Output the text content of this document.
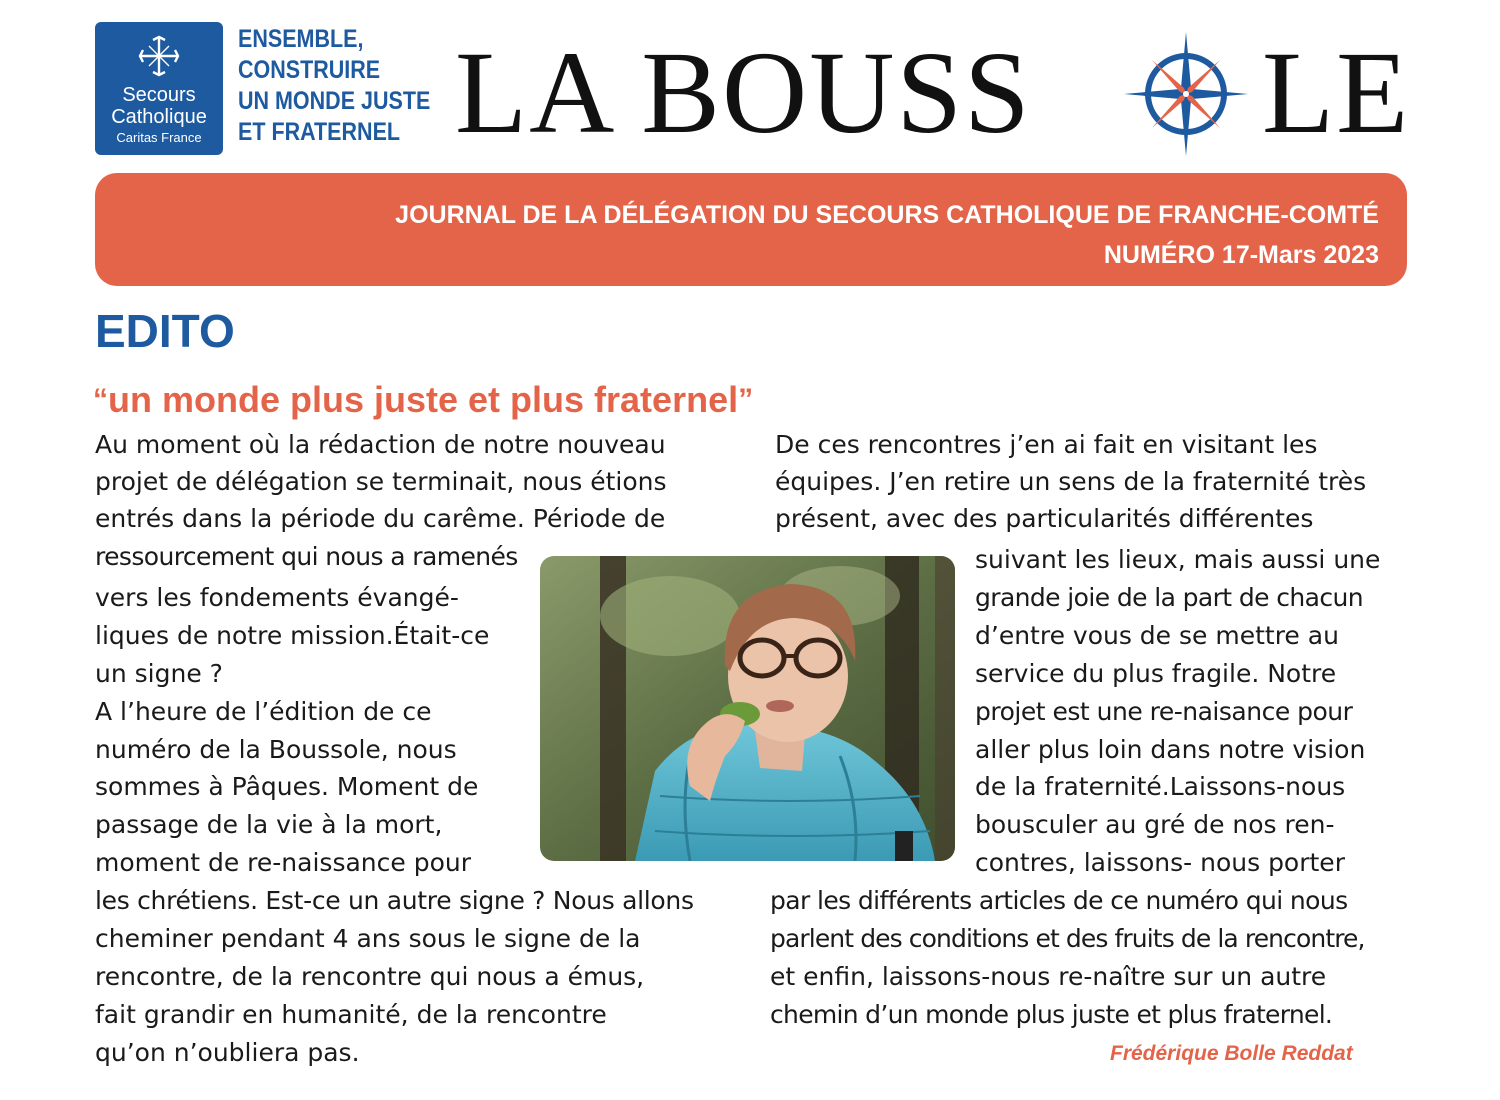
Secours
Catholique
Caritas France
ENSEMBLE,
CONSTRUIRE
UN MONDE JUSTE
ET FRATERNEL LA BOUSS LE
JOURNAL DE LA DÉLÉGATION DU SECOURS CATHOLIQUE DE FRANCHE-COMTÉ
NUMÉRO 17-Mars 2023
EDITO
“un monde plus juste et plus fraternel”
Au moment où la rédaction de notre nouveau
projet de délégation se terminait, nous étions
entrés dans la période du carême. Période de
ressourcement qui nous a ramenés
vers les fondements évangé-
liques de notre mission.Était-ce
un signe ?
A l’heure de l’édition de ce
numéro de la Boussole, nous
sommes à Pâques. Moment de
passage de la vie à la mort,
moment de re-naissance pour
les chrétiens. Est-ce un autre signe ? Nous allons
cheminer pendant 4 ans sous le signe de la
rencontre, de la rencontre qui nous a émus,
fait grandir en humanité, de la rencontre
qu’on n’oubliera pas.
De ces rencontres j’en ai fait en visitant les
équipes. J’en retire un sens de la fraternité très
présent, avec des particularités différentes
suivant les lieux, mais aussi une
grande joie de la part de chacun
d’entre vous de se mettre au
service du plus fragile. Notre
projet est une re-naisance pour
aller plus loin dans notre vision
de la fraternité.Laissons-nous
bousculer au gré de nos ren-
contres, laissons- nous porter
par les différents articles de ce numéro qui nous
parlent des conditions et des fruits de la rencontre,
et enfin, laissons-nous re-naître sur un autre
chemin d’un monde plus juste et plus fraternel.
Frédérique Bolle Reddat
